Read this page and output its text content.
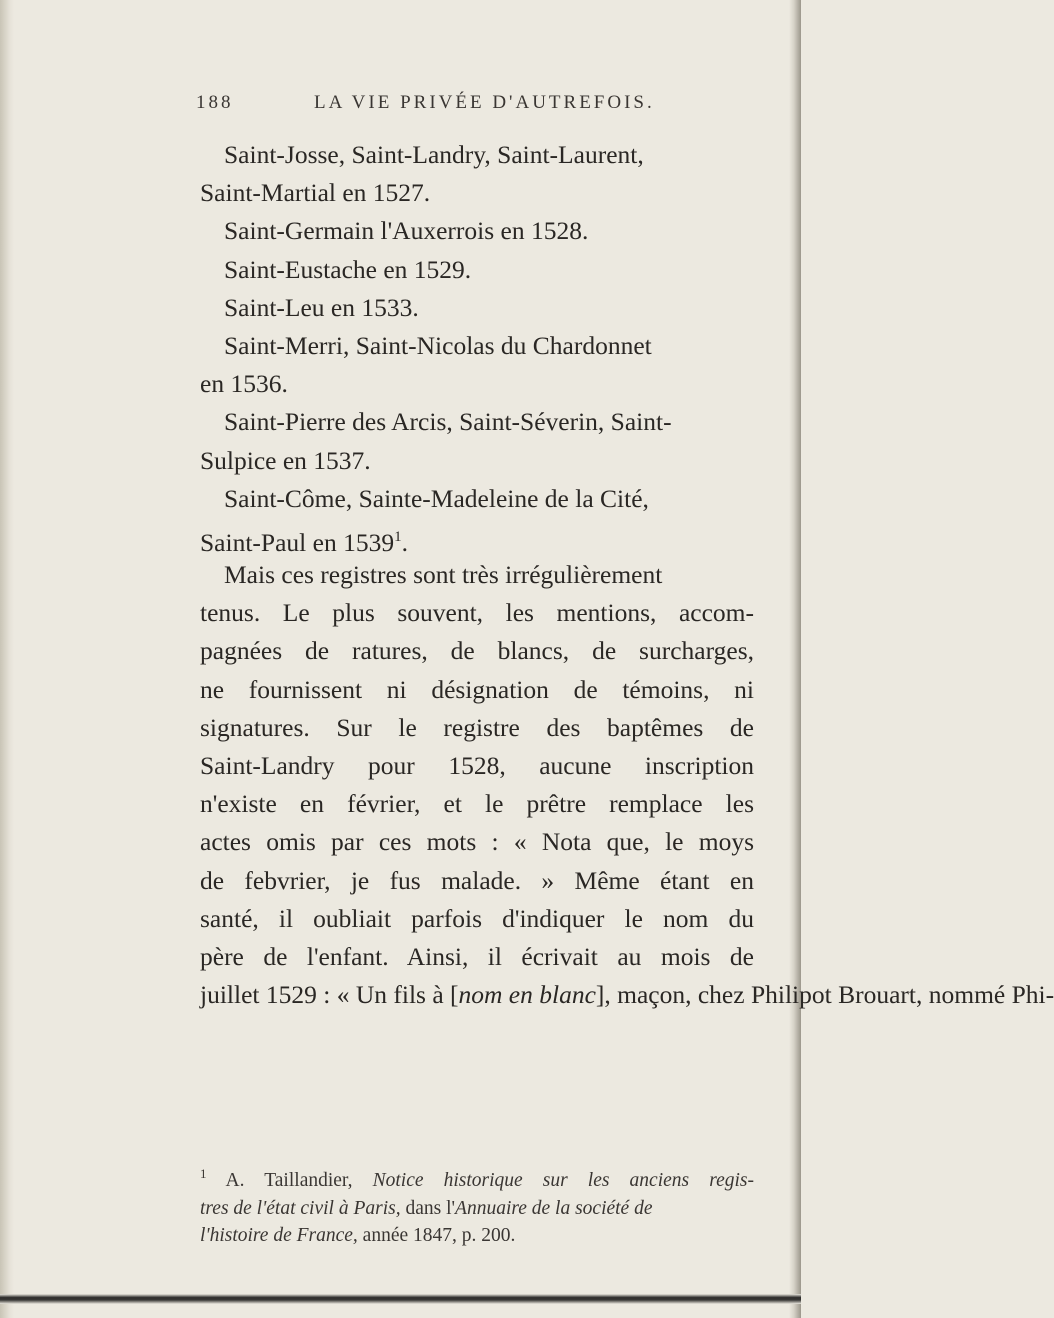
188	LA VIE PRIVÉE D'AUTREFOIS.
Saint-Josse, Saint-Landry, Saint-Laurent,
Saint-Martial en 1527.
Saint-Germain l'Auxerrois en 1528.
Saint-Eustache en 1529.
Saint-Leu en 1533.
Saint-Merri, Saint-Nicolas du Chardonnet
en 1536.
Saint-Pierre des Arcis, Saint-Séverin, Saint-
Sulpice en 1537.
Saint-Côme, Sainte-Madeleine de la Cité,
Saint-Paul en 1539$^1$.
Mais ces registres sont très irrégulièrement
tenus. Le plus souvent, les mentions, accom-
pagnées de ratures, de blancs, de surcharges,
ne fournissent ni désignation de témoins, ni
signatures. Sur le registre des baptêmes de
Saint-Landry pour 1528, aucune inscription
n'existe en février, et le prêtre remplace les
actes omis par ces mots : « Nota que, le moys
de febvrier, je fus malade. » Même étant en
santé, il oubliait parfois d'indiquer le nom du
père de l'enfant. Ainsi, il écrivait au mois de
juillet 1529 : « Un fils à [nom en blanc], maçon, chez Philipot Brouart, nommé Phi-
$^1$ A. Taillandier, Notice historique sur les anciens regis-
tres de l'état civil à Paris, dans l'Annuaire de la société de
l'histoire de France, année 1847, p. 200.
